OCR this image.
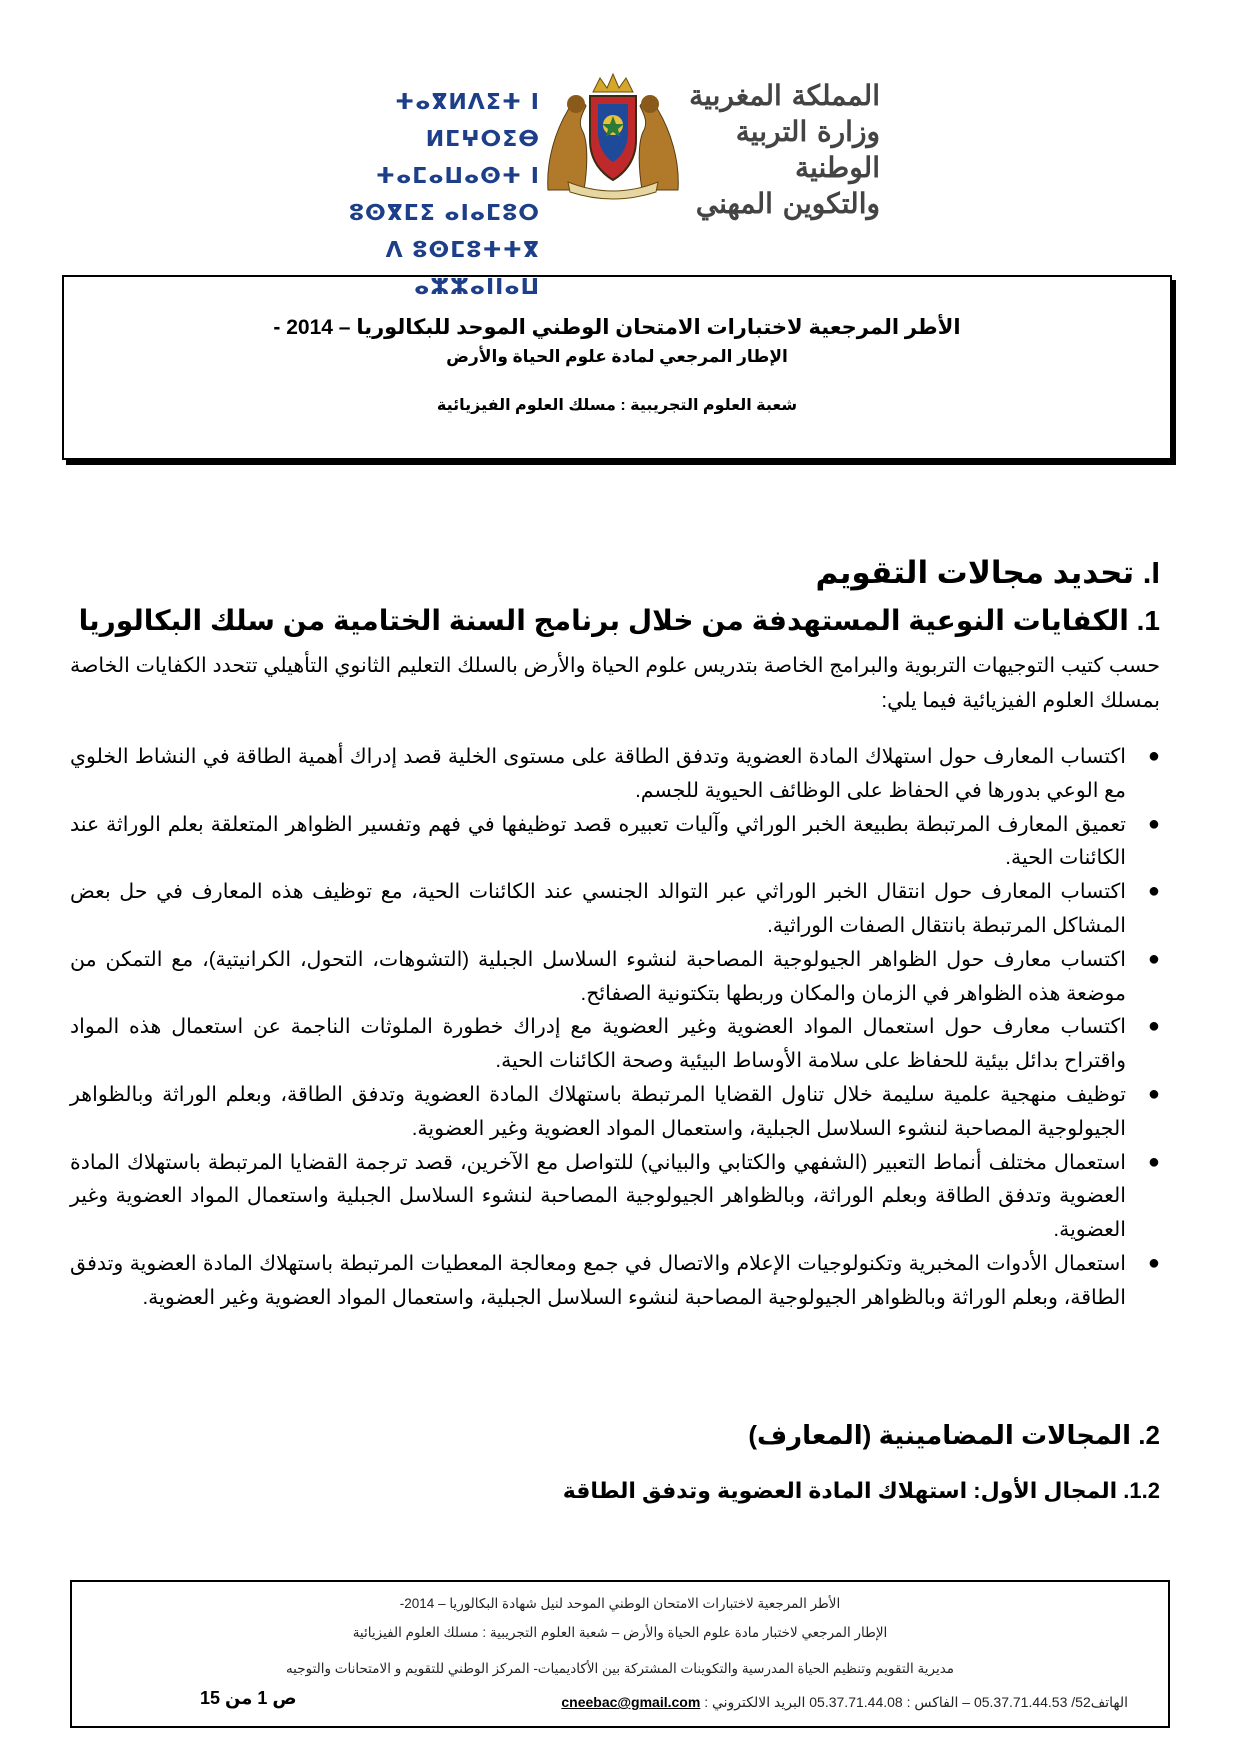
المملكة المغربية
وزارة التربية الوطنية
والتكوين المهني
ⵜⴰⴳⵍⴷⵉⵜ ⵏ ⵍⵎⵖⵔⵉⴱ
ⵜⴰⵎⴰⵡⴰⵙⵜ ⵏ ⵓⵙⴳⵎⵉ ⴰⵏⴰⵎⵓⵔ
ⴷ ⵓⵙⵎⵓⵜⵜⴳ ⴰⵣⵣⴰⵏⵏⴰⵡ
الأطر المرجعية لاختبارات الامتحان الوطني الموحد للبكالوريا – 2014 -
الإطار المرجعي لمادة علوم الحياة والأرض
شعبة العلوم التجريبية : مسلك العلوم الفيزيائية
I. تحديد مجالات التقويم
1. الكفايات النوعية المستهدفة من خلال برنامج السنة الختامية من سلك البكالوريا
حسب كتيب التوجيهات التربوية والبرامج الخاصة بتدريس علوم الحياة والأرض بالسلك التعليم الثانوي التأهيلي تتحدد الكفايات الخاصة بمسلك العلوم الفيزيائية فيما يلي:
●
اكتساب المعارف حول استهلاك المادة العضوية وتدفق الطاقة على مستوى الخلية قصد إدراك أهمية الطاقة في النشاط الخلوي مع الوعي بدورها في الحفاظ على الوظائف الحيوية للجسم.
●
تعميق المعارف المرتبطة بطبيعة الخبر الوراثي وآليات تعبيره قصد توظيفها في فهم وتفسير الظواهر المتعلقة بعلم الوراثة عند الكائنات الحية.
●
اكتساب المعارف حول انتقال الخبر الوراثي عبر التوالد الجنسي عند الكائنات الحية، مع توظيف هذه المعارف في حل بعض المشاكل المرتبطة بانتقال الصفات الوراثية.
●
اكتساب معارف حول الظواهر الجيولوجية المصاحبة لنشوء السلاسل الجبلية (التشوهات، التحول، الكرانيتية)، مع التمكن من موضعة هذه الظواهر في الزمان والمكان وربطها بتكتونية الصفائح.
●
اكتساب معارف حول استعمال المواد العضوية وغير العضوية مع إدراك خطورة الملوثات الناجمة عن استعمال هذه المواد واقتراح بدائل بيئية للحفاظ على سلامة الأوساط البيئية وصحة الكائنات الحية.
●
توظيف منهجية علمية سليمة خلال تناول القضايا المرتبطة باستهلاك المادة العضوية وتدفق الطاقة، وبعلم الوراثة وبالظواهر الجيولوجية المصاحبة لنشوء السلاسل الجبلية، واستعمال المواد العضوية وغير العضوية.
●
استعمال مختلف أنماط التعبير (الشفهي والكتابي والبياني) للتواصل مع الآخرين، قصد ترجمة القضايا المرتبطة باستهلاك المادة العضوية وتدفق الطاقة وبعلم الوراثة، وبالظواهر الجيولوجية المصاحبة لنشوء السلاسل الجبلية واستعمال المواد العضوية وغير العضوية.
●
استعمال الأدوات المخبرية وتكنولوجيات الإعلام والاتصال في جمع ومعالجة المعطيات المرتبطة باستهلاك المادة العضوية وتدفق الطاقة، وبعلم الوراثة وبالظواهر الجيولوجية المصاحبة لنشوء السلاسل الجبلية، واستعمال المواد العضوية وغير العضوية.
2. المجالات المضامينية (المعارف)
1.2. المجال الأول: استهلاك المادة العضوية وتدفق الطاقة
الأطر المرجعية لاختبارات الامتحان الوطني الموحد لنيل شهادة البكالوريا – 2014-
الإطار المرجعي لاختبار مادة علوم الحياة والأرض – شعبة العلوم التجريبية : مسلك العلوم الفيزيائية
مديرية التقويم وتنظيم الحياة المدرسية والتكوينات المشتركة بين الأكاديميات- المركز الوطني للتقويم و الامتحانات والتوجيه
الهاتف52/ 05.37.71.44.53 – الفاكس : 05.37.71.44.08 البريد الالكتروني : cneebac@gmail.com
ص 1 من 15
